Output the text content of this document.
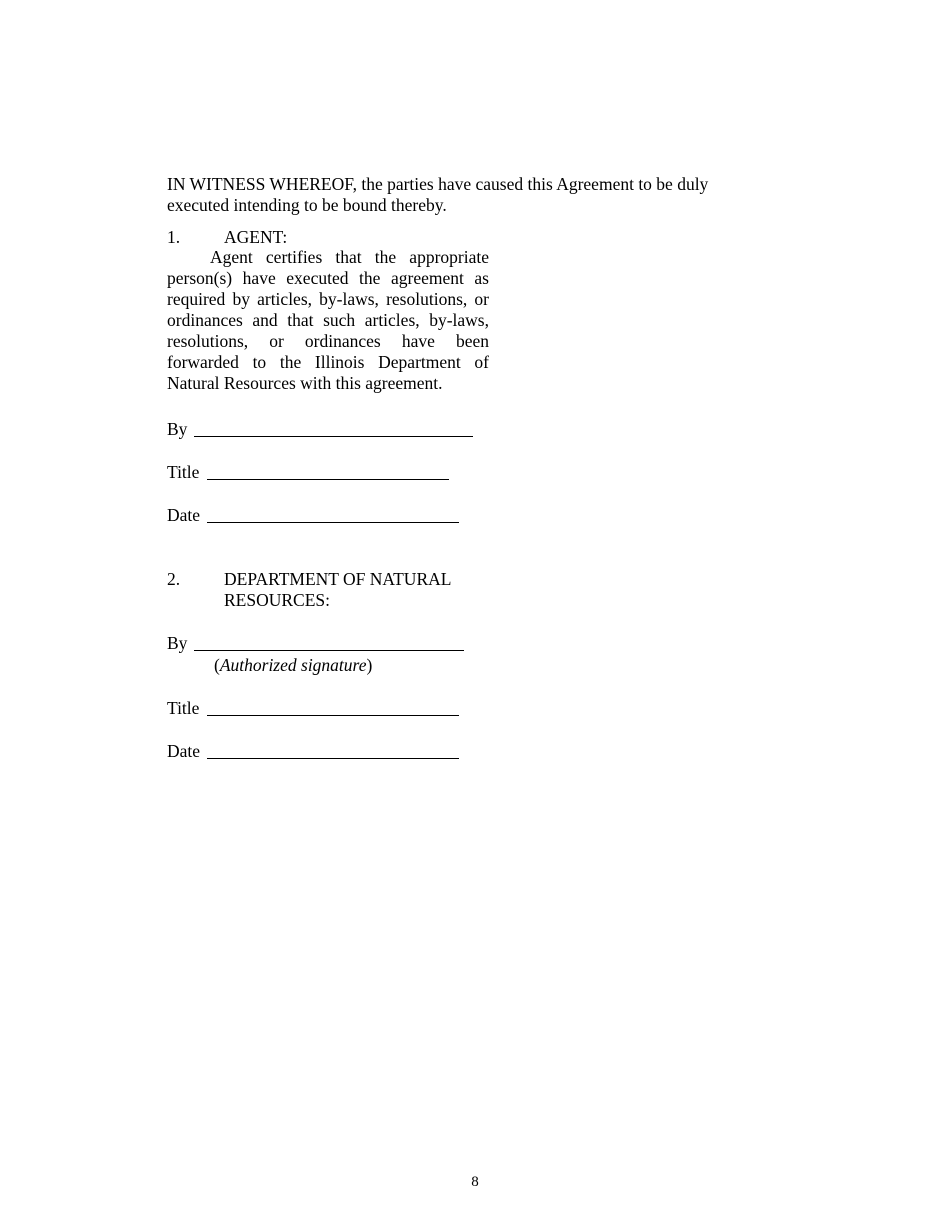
IN WITNESS WHEREOF, the parties have caused this Agreement to be duly executed intending to be bound thereby.
1.	AGENT:
Agent certifies that the appropriate person(s) have executed the agreement as required by articles, by-laws, resolutions, or ordinances and that such articles, by-laws, resolutions, or ordinances have been forwarded to the Illinois Department of Natural Resources with this agreement.
By
Title
Date
2.	DEPARTMENT OF NATURAL
RESOURCES:
By
(Authorized signature)
Title
Date
8
